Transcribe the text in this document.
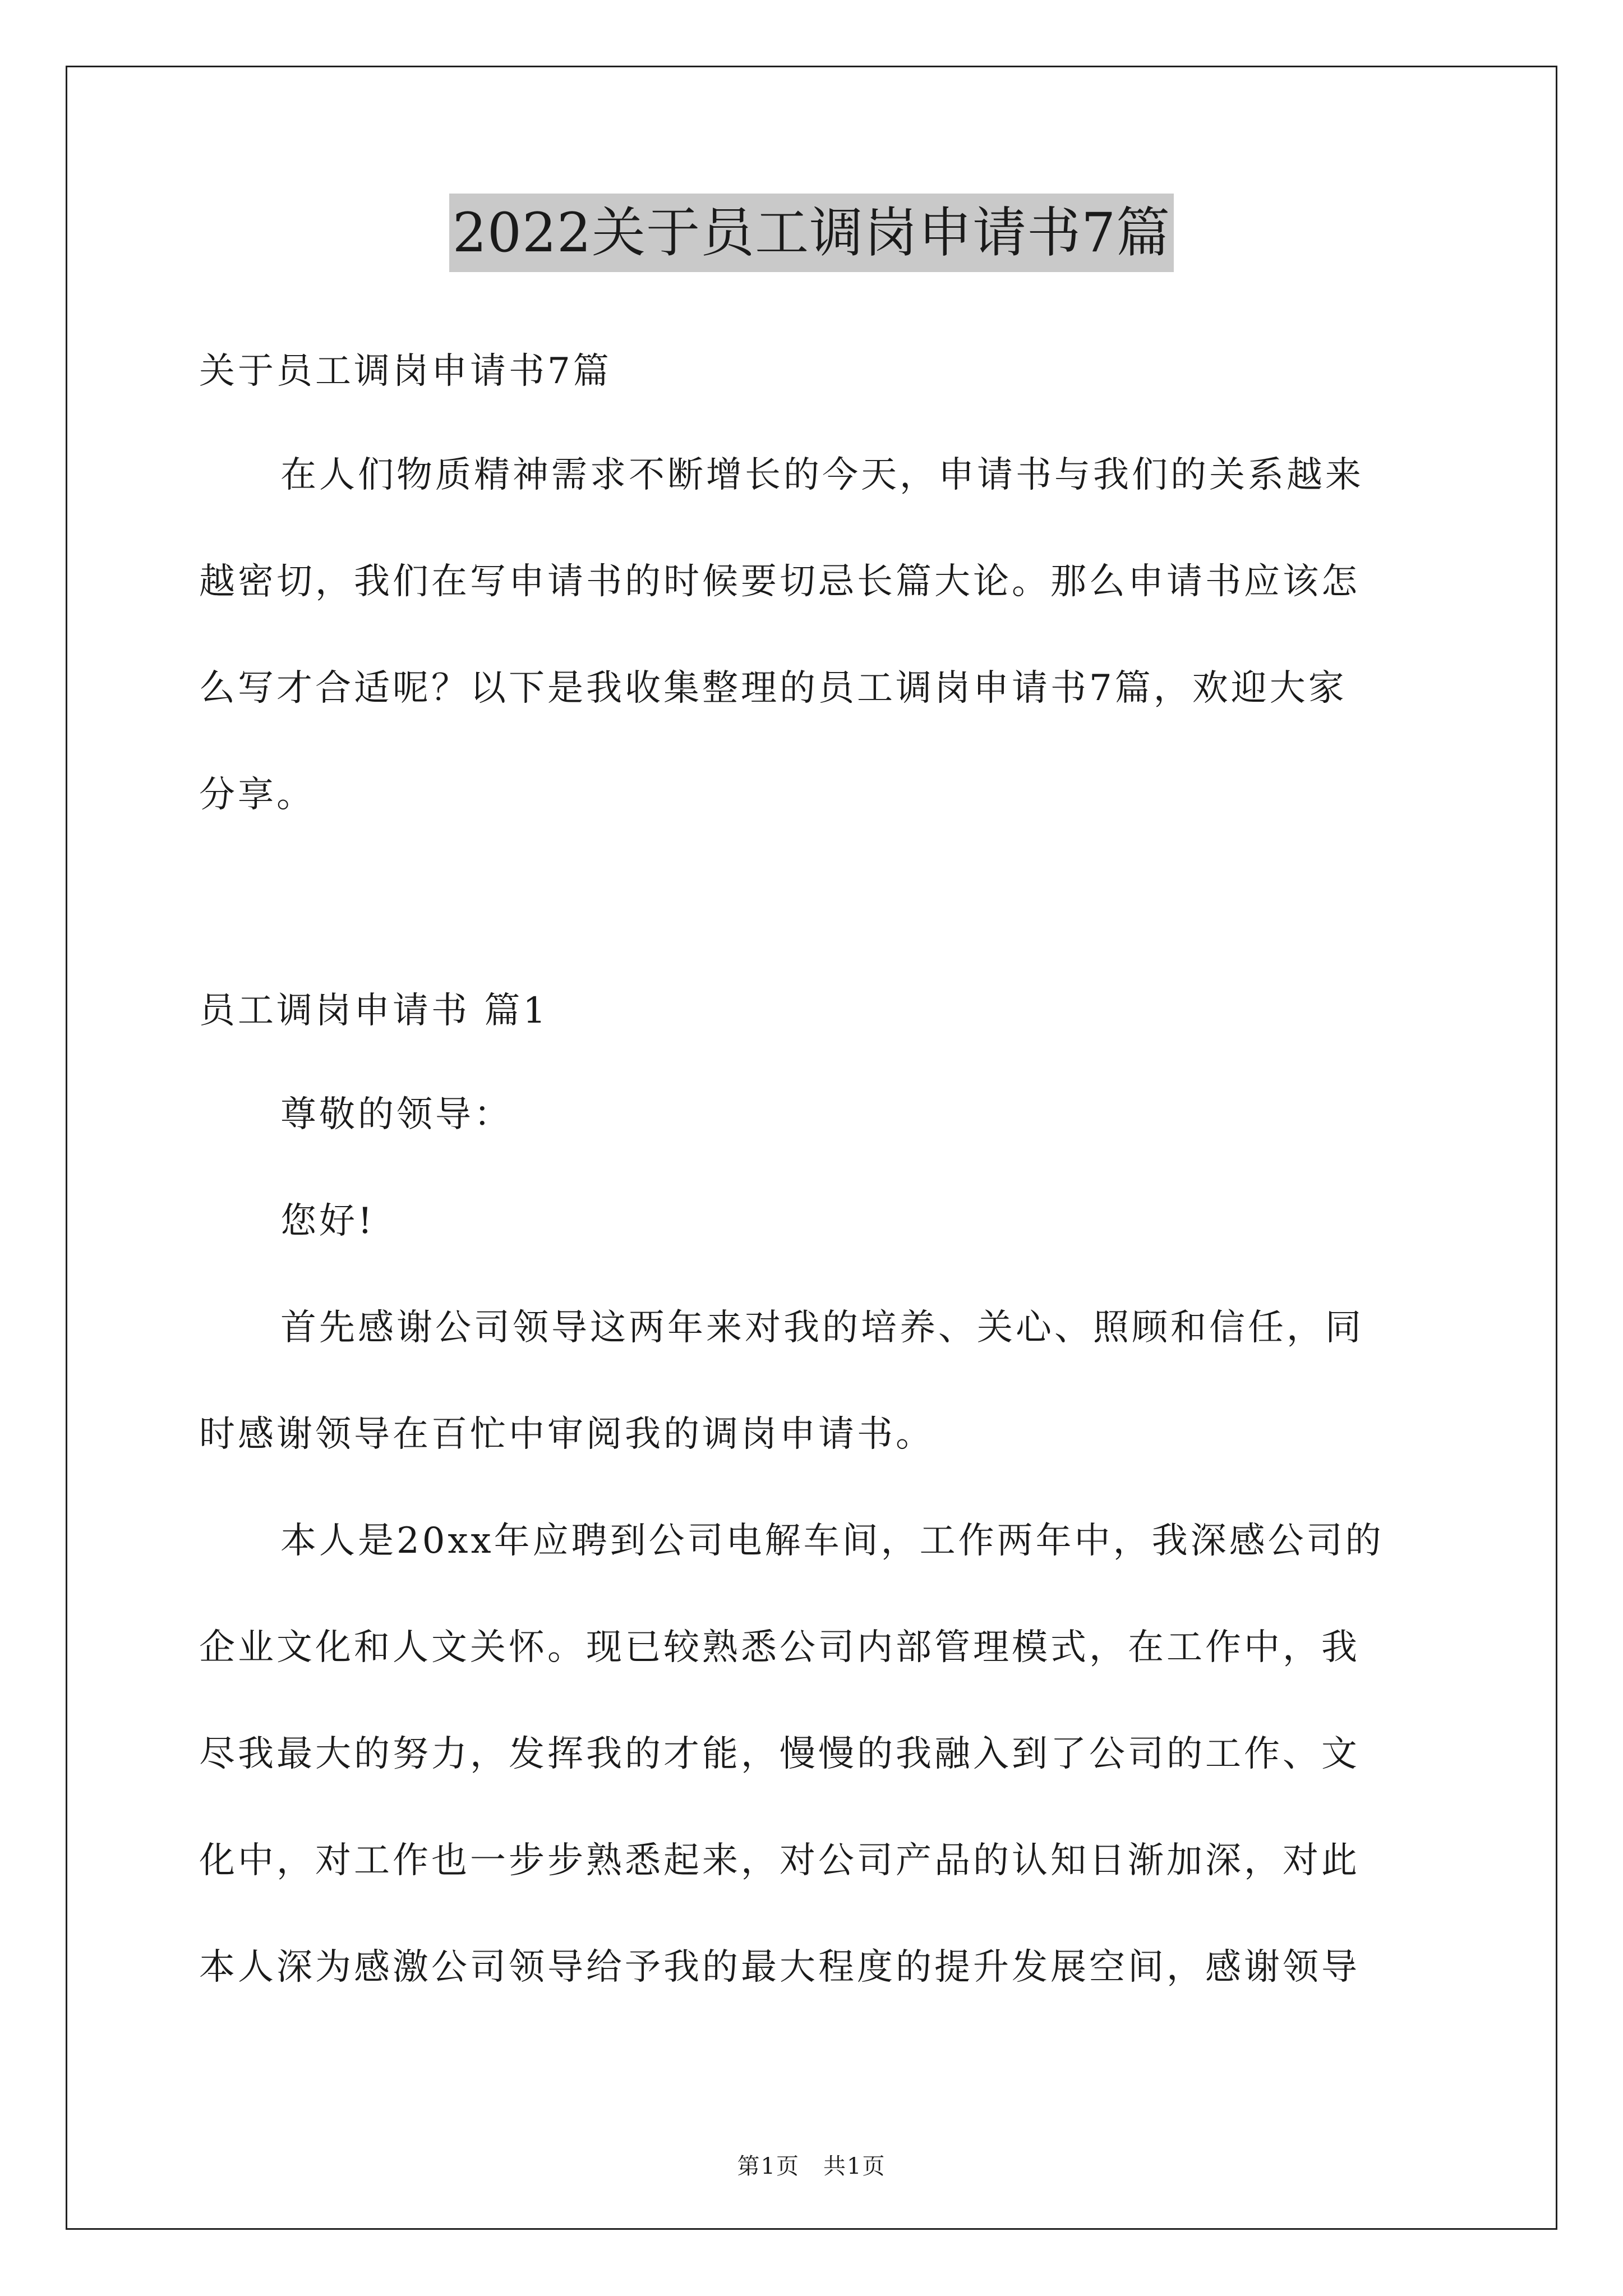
2022关于员工调岗申请书7篇
关于员工调岗申请书7篇
在人们物质精神需求不断增长的今天，申请书与我们的关系越来
越密切，我们在写申请书的时候要切忌长篇大论。那么申请书应该怎
么写才合适呢？以下是我收集整理的员工调岗申请书7篇，欢迎大家
分享。
员工调岗申请书 篇1
尊敬的领导：
您好!
首先感谢公司领导这两年来对我的培养、关心、照顾和信任，同
时感谢领导在百忙中审阅我的调岗申请书。
本人是20xx年应聘到公司电解车间，工作两年中，我深感公司的
企业文化和人文关怀。现已较熟悉公司内部管理模式，在工作中，我
尽我最大的努力，发挥我的才能，慢慢的我融入到了公司的工作、文
化中，对工作也一步步熟悉起来，对公司产品的认知日渐加深，对此
本人深为感激公司领导给予我的最大程度的提升发展空间，感谢领导
第1页　共1页
